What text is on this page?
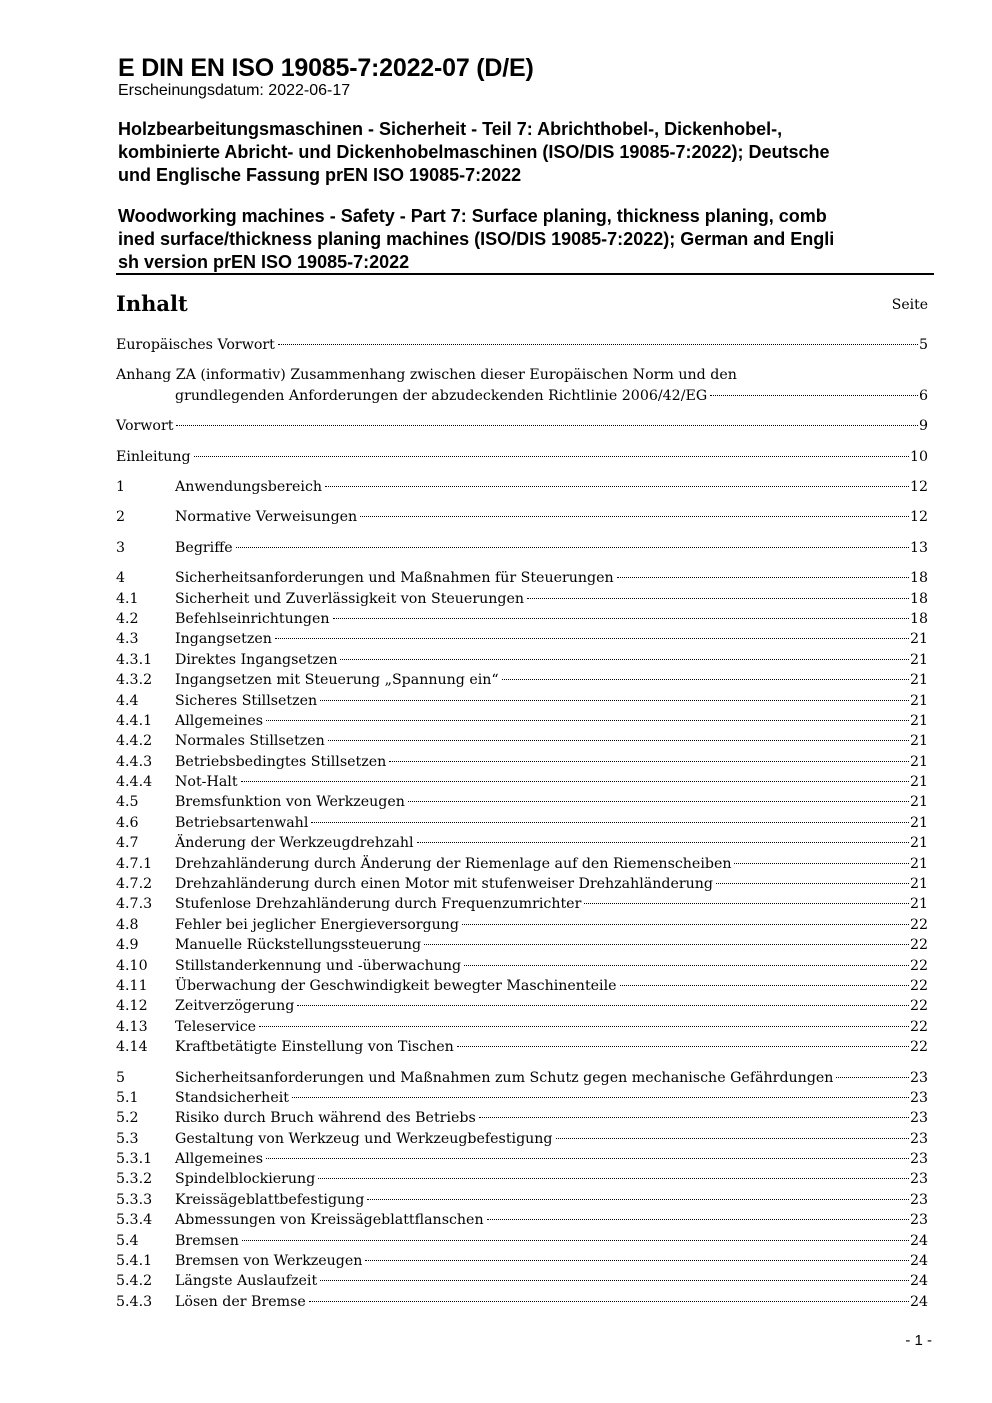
E DIN EN ISO 19085-7:2022-07 (D/E)
Erscheinungsdatum: 2022-06-17
Holzbearbeitungsmaschinen - Sicherheit - Teil 7: Abrichthobel-, Dickenhobel-,
kombinierte Abricht- und Dickenhobelmaschinen (ISO/DIS 19085-7:2022); Deutsche
und Englische Fassung prEN ISO 19085-7:2022
Woodworking machines - Safety - Part 7: Surface planing, thickness planing, comb
ined surface/thickness planing machines (ISO/DIS 19085-7:2022); German and Engli
sh version prEN ISO 19085-7:2022
Inhalt	Seite
Europäisches Vorwort	5
Anhang ZA (informativ) Zusammenhang zwischen dieser Europäischen Norm und den
grundlegenden Anforderungen der abzudeckenden Richtlinie 2006/42/EG	6
Vorwort	9
Einleitung	10
1	Anwendungsbereich	12
2	Normative Verweisungen	12
3	Begriffe	13
4	Sicherheitsanforderungen und Maßnahmen für Steuerungen	18
4.1	Sicherheit und Zuverlässigkeit von Steuerungen	18
4.2	Befehlseinrichtungen	18
4.3	Ingangsetzen	21
4.3.1	Direktes Ingangsetzen	21
4.3.2	Ingangsetzen mit Steuerung „Spannung ein“	21
4.4	Sicheres Stillsetzen	21
4.4.1	Allgemeines	21
4.4.2	Normales Stillsetzen	21
4.4.3	Betriebsbedingtes Stillsetzen	21
4.4.4	Not-Halt	21
4.5	Bremsfunktion von Werkzeugen	21
4.6	Betriebsartenwahl	21
4.7	Änderung der Werkzeugdrehzahl	21
4.7.1	Drehzahländerung durch Änderung der Riemenlage auf den Riemenscheiben	21
4.7.2	Drehzahländerung durch einen Motor mit stufenweiser Drehzahländerung	21
4.7.3	Stufenlose Drehzahländerung durch Frequenzumrichter	21
4.8	Fehler bei jeglicher Energieversorgung	22
4.9	Manuelle Rückstellungssteuerung	22
4.10	Stillstanderkennung und -überwachung	22
4.11	Überwachung der Geschwindigkeit bewegter Maschinenteile	22
4.12	Zeitverzögerung	22
4.13	Teleservice	22
4.14	Kraftbetätigte Einstellung von Tischen	22
5	Sicherheitsanforderungen und Maßnahmen zum Schutz gegen mechanische Gefährdungen	23
5.1	Standsicherheit	23
5.2	Risiko durch Bruch während des Betriebs	23
5.3	Gestaltung von Werkzeug und Werkzeugbefestigung	23
5.3.1	Allgemeines	23
5.3.2	Spindelblockierung	23
5.3.3	Kreissägeblattbefestigung	23
5.3.4	Abmessungen von Kreissägeblattflanschen	23
5.4	Bremsen	24
5.4.1	Bremsen von Werkzeugen	24
5.4.2	Längste Auslaufzeit	24
5.4.3	Lösen der Bremse	24
- 1 -
